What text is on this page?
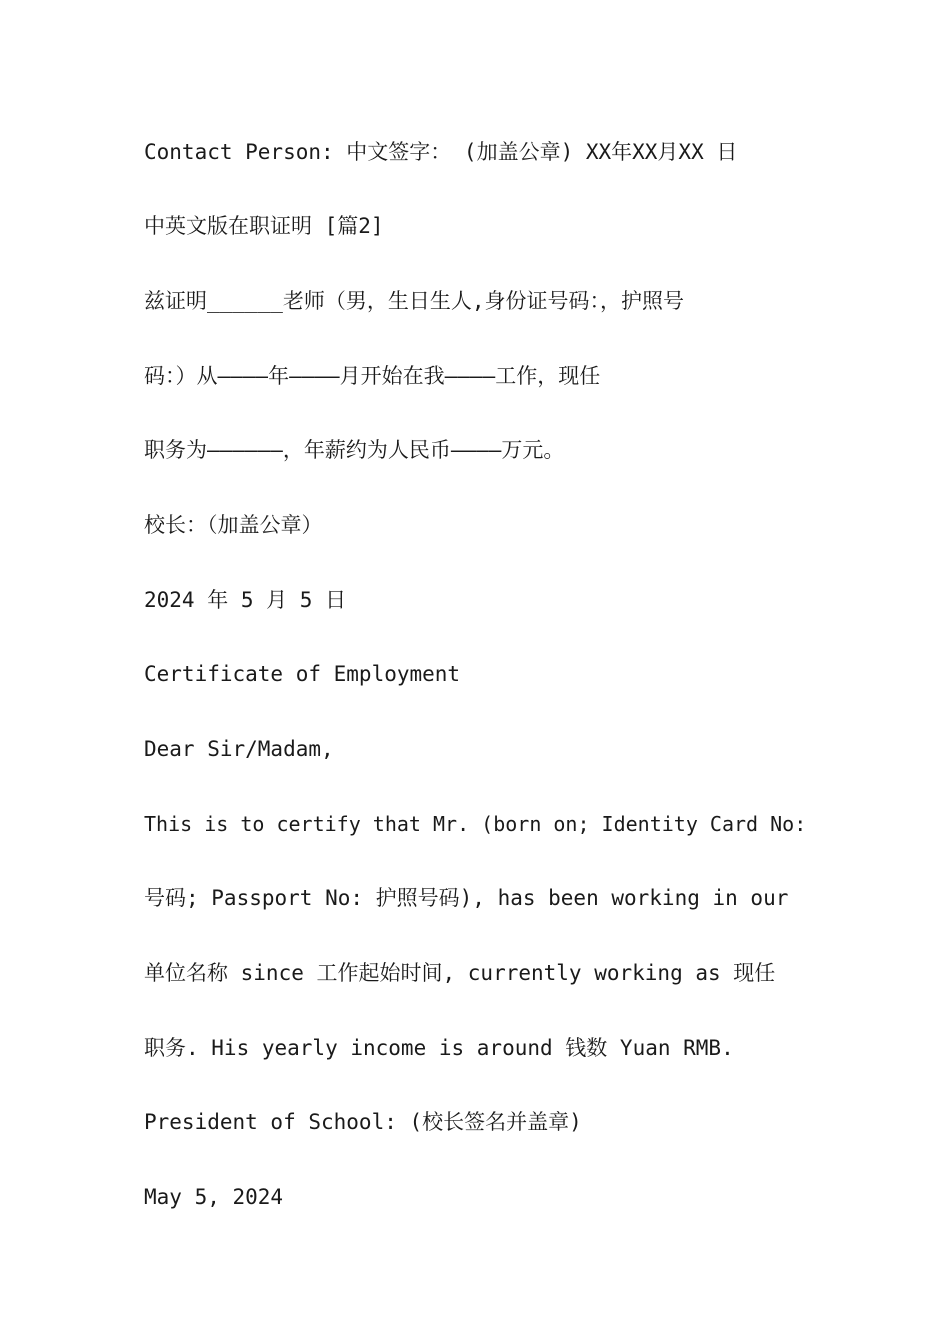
Contact Person: 中文签字： (加盖公章) XX年XX月XX 日
中英文版在职证明 [篇2]
兹证明______老师（男，生日生人,身份证号码：，护照号
码：）从————年————月开始在我————工作，现任
职务为——————，年薪约为人民币————万元。
校长：（加盖公章）
2024 年 5 月 5 日
Certificate of Employment
Dear Sir/Madam,
This is to certify that Mr. (born on; Identity Card No:
号码; Passport No: 护照号码), has been working in our
单位名称 since 工作起始时间, currently working as 现任
职务. His yearly income is around 钱数 Yuan RMB.
President of School: (校长签名并盖章)
May 5, 2024
